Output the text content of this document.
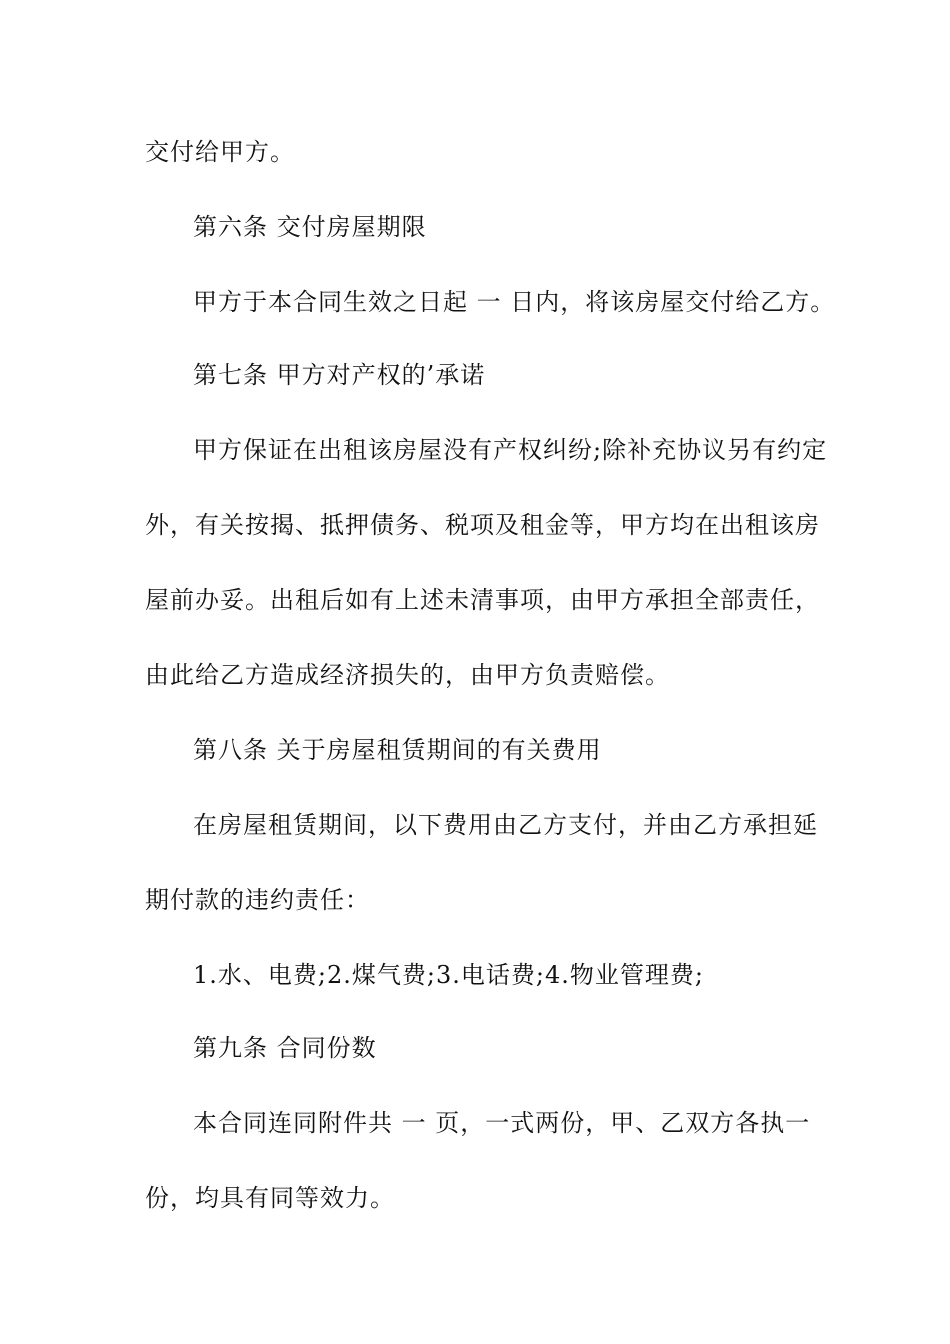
交付给甲方。
第六条 交付房屋期限
甲方于本合同生效之日起 一 日内，将该房屋交付给乙方。
第七条 甲方对产权的’承诺
甲方保证在出租该房屋没有产权纠纷;除补充协议另有约定
外，有关按揭、抵押债务、税项及租金等，甲方均在出租该房
屋前办妥。出租后如有上述未清事项，由甲方承担全部责任，
由此给乙方造成经济损失的，由甲方负责赔偿。
第八条 关于房屋租赁期间的有关费用
在房屋租赁期间，以下费用由乙方支付，并由乙方承担延
期付款的违约责任：
1.水、电费;2.煤气费;3.电话费;4.物业管理费;
第九条 合同份数
本合同连同附件共 一 页，一式两份，甲、乙双方各执一
份，均具有同等效力。
